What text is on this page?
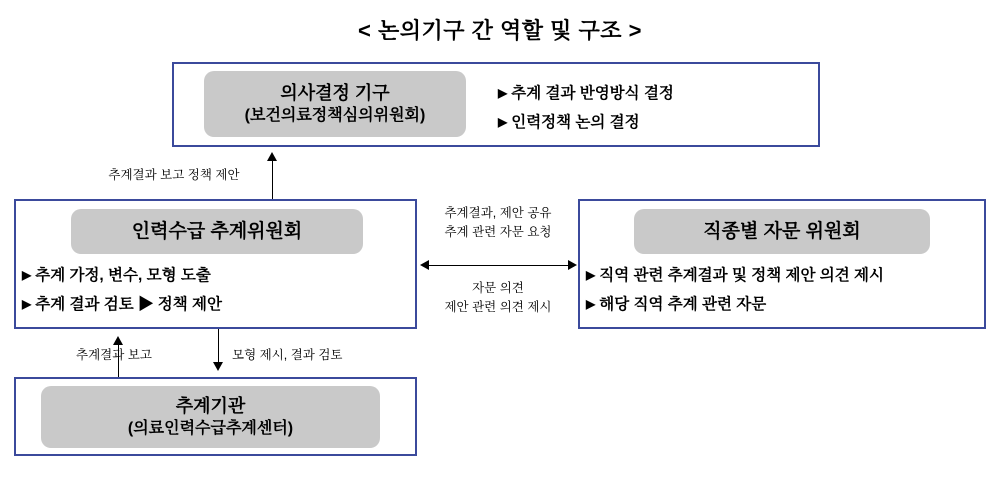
< 논의기구 간 역할 및 구조 >
의사결정 기구
(보건의료정책심의위원회)
▶ 추계 결과 반영방식 결정
▶ 인력정책 논의 결정
인력수급 추계위원회
▶ 추계 가정, 변수, 모형 도출
▶ 추계 결과 검토 ▶ 정책 제안
직종별 자문 위원회
▶ 직역 관련 추계결과 및 정책 제안 의견 제시
▶ 해당 직역 추계 관련 자문
추계기관
(의료인력수급추계센터)
추계결과 보고 정책 제안
추계결과, 제안 공유
추계 관련 자문 요청
자문 의견
제안 관련 의견 제시
추계결과 보고	모형 제시, 결과 검토
